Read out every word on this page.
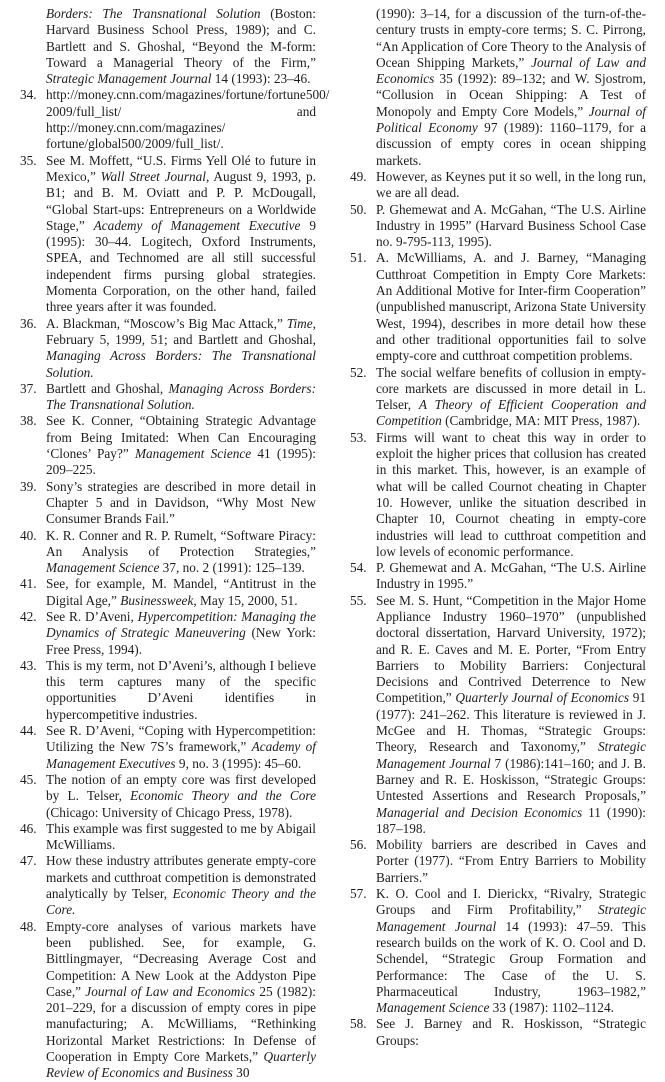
Borders: The Transnational Solution (Boston: Harvard Business School Press, 1989); and C. Bartlett and S. Ghoshal, “Beyond the M-form: Toward a Managerial Theory of the Firm,” Strategic Management Journal 14 (1993): 23–46.

34. http://money.cnn.com/magazines/fortune/fortune500/ 2009/full_list/ and http://money.cnn.com/magazines/ fortune/global500/2009/full_list/.

35. See M. Moffett, “U.S. Firms Yell Olé to future in Mexico,” Wall Street Journal, August 9, 1993, p. B1; and B. M. Oviatt and P. P. McDougall, “Global Start-ups: Entrepreneurs on a Worldwide Stage,” Academy of Management Executive 9 (1995): 30–44. Logitech, Oxford Instruments, SPEA, and Technomed are all still successful independent firms pursing global strategies. Momenta Corporation, on the other hand, failed three years after it was founded.

36. A. Blackman, “Moscow’s Big Mac Attack,” Time, February 5, 1999, 51; and Bartlett and Ghoshal, Managing Across Borders: The Transnational Solution.

37. Bartlett and Ghoshal, Managing Across Borders: The Transnational Solution.

38. See K. Conner, “Obtaining Strategic Advantage from Being Imitated: When Can Encouraging ‘Clones’ Pay?” Management Science 41 (1995): 209–225.

39. Sony’s strategies are described in more detail in Chapter 5 and in Davidson, “Why Most New Consumer Brands Fail.”

40. K. R. Conner and R. P. Rumelt, “Software Piracy: An Analysis of Protection Strategies,” Management Science 37, no. 2 (1991): 125–139.

41. See, for example, M. Mandel, “Antitrust in the Digital Age,” Businessweek, May 15, 2000, 51.

42. See R. D’Aveni, Hypercompetition: Managing the Dynamics of Strategic Maneuvering (New York: Free Press, 1994).

43. This is my term, not D’Aveni’s, although I believe this term captures many of the specific opportunities D’Aveni identifies in hypercompetitive industries.

44. See R. D’Aveni, “Coping with Hypercompetition: Utilizing the New 7S’s framework,” Academy of Management Executives 9, no. 3 (1995): 45–60.

45. The notion of an empty core was first developed by L. Telser, Economic Theory and the Core (Chicago: University of Chicago Press, 1978).

46. This example was first suggested to me by Abigail McWilliams.

47. How these industry attributes generate empty-core markets and cutthroat competition is demonstrated analytically by Telser, Economic Theory and the Core.

48. Empty-core analyses of various markets have been published. See, for example, G. Bittlingmayer, “Decreasing Average Cost and Competition: A New Look at the Addyston Pipe Case,” Journal of Law and Economics 25 (1982): 201–229, for a discussion of empty cores in pipe manufacturing; A. McWilliams, “Rethinking Horizontal Market Restrictions: In Defense of Cooperation in Empty Core Markets,” Quarterly Review of Economics and Business 30

(1990): 3–14, for a discussion of the turn-of-the-century trusts in empty-core terms; S. C. Pirrong, “An Application of Core Theory to the Analysis of Ocean Shipping Markets,” Journal of Law and Economics 35 (1992): 89–132; and W. Sjostrom, “Collusion in Ocean Shipping: A Test of Monopoly and Empty Core Models,” Journal of Political Economy 97 (1989): 1160–1179, for a discussion of empty cores in ocean shipping markets.

49. However, as Keynes put it so well, in the long run, we are all dead.

50. P. Ghemewat and A. McGahan, “The U.S. Airline Industry in 1995” (Harvard Business School Case no. 9-795-113, 1995).

51. A. McWilliams, A. and J. Barney, “Managing Cutthroat Competition in Empty Core Markets: An Additional Motive for Inter-firm Cooperation” (unpublished manuscript, Arizona State University West, 1994), describes in more detail how these and other traditional opportunities fail to solve empty-core and cutthroat competition problems.

52. The social welfare benefits of collusion in empty-core markets are discussed in more detail in L. Telser, A Theory of Efficient Cooperation and Competition (Cambridge, MA: MIT Press, 1987).

53. Firms will want to cheat this way in order to exploit the higher prices that collusion has created in this market. This, however, is an example of what will be called Cournot cheating in Chapter 10. However, unlike the situation described in Chapter 10, Cournot cheating in empty-core industries will lead to cutthroat competition and low levels of economic performance.

54. P. Ghemewat and A. McGahan, “The U.S. Airline Industry in 1995.”

55. See M. S. Hunt, “Competition in the Major Home Appliance Industry 1960–1970” (unpublished doctoral dissertation, Harvard University, 1972); and R. E. Caves and M. E. Porter, “From Entry Barriers to Mobility Barriers: Conjectural Decisions and Contrived Deterrence to New Competition,” Quarterly Journal of Economics 91 (1977): 241–262. This literature is reviewed in J. McGee and H. Thomas, “Strategic Groups: Theory, Research and Taxonomy,” Strategic Management Journal 7 (1986):141–160; and J. B. Barney and R. E. Hoskisson, “Strategic Groups: Untested Assertions and Research Proposals,” Managerial and Decision Economics 11 (1990): 187–198.

56. Mobility barriers are described in Caves and Porter (1977). “From Entry Barriers to Mobility Barriers.”

57. K. O. Cool and I. Dierickx, “Rivalry, Strategic Groups and Firm Profitability,” Strategic Management Journal 14 (1993): 47–59. This research builds on the work of K. O. Cool and D. Schendel, “Strategic Group Formation and Performance: The Case of the U. S. Pharmaceutical Industry, 1963–1982,” Management Science 33 (1987): 1102–1124.

58. See J. Barney and R. Hoskisson, “Strategic Groups:
